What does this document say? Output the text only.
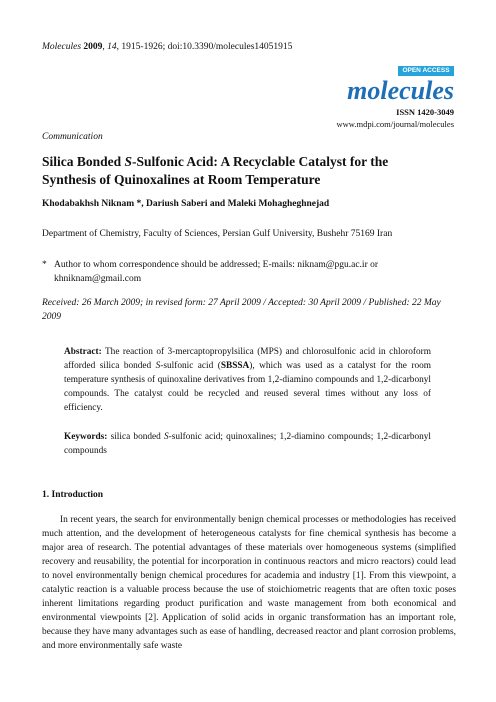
Molecules 2009, 14, 1915-1926; doi:10.3390/molecules14051915
OPEN ACCESS
molecules
ISSN 1420-3049
www.mdpi.com/journal/molecules
Communication
Silica Bonded S-Sulfonic Acid: A Recyclable Catalyst for the
Synthesis of Quinoxalines at Room Temperature
Khodabakhsh Niknam *, Dariush Saberi and Maleki Mohagheghnejad
Department of Chemistry, Faculty of Sciences, Persian Gulf University, Bushehr 75169 Iran
* Author to whom correspondence should be addressed; E-mails: niknam@pgu.ac.ir or khniknam@gmail.com
Received: 26 March 2009; in revised form: 27 April 2009 / Accepted: 30 April 2009 / Published: 22 May 2009
Abstract: The reaction of 3-mercaptopropylsilica (MPS) and chlorosulfonic acid in chloroform afforded silica bonded S-sulfonic acid (SBSSA), which was used as a catalyst for the room temperature synthesis of quinoxaline derivatives from 1,2-diamino compounds and 1,2-dicarbonyl compounds. The catalyst could be recycled and reused several times without any loss of efficiency.
Keywords: silica bonded S-sulfonic acid; quinoxalines; 1,2-diamino compounds; 1,2-dicarbonyl compounds
1. Introduction
In recent years, the search for environmentally benign chemical processes or methodologies has received much attention, and the development of heterogeneous catalysts for fine chemical synthesis has become a major area of research. The potential advantages of these materials over homogeneous systems (simplified recovery and reusability, the potential for incorporation in continuous reactors and micro reactors) could lead to novel environmentally benign chemical procedures for academia and industry [1]. From this viewpoint, a catalytic reaction is a valuable process because the use of stoichiometric reagents that are often toxic poses inherent limitations regarding product purification and waste management from both economical and environmental viewpoints [2]. Application of solid acids in organic transformation has an important role, because they have many advantages such as ease of handling, decreased reactor and plant corrosion problems, and more environmentally safe waste
